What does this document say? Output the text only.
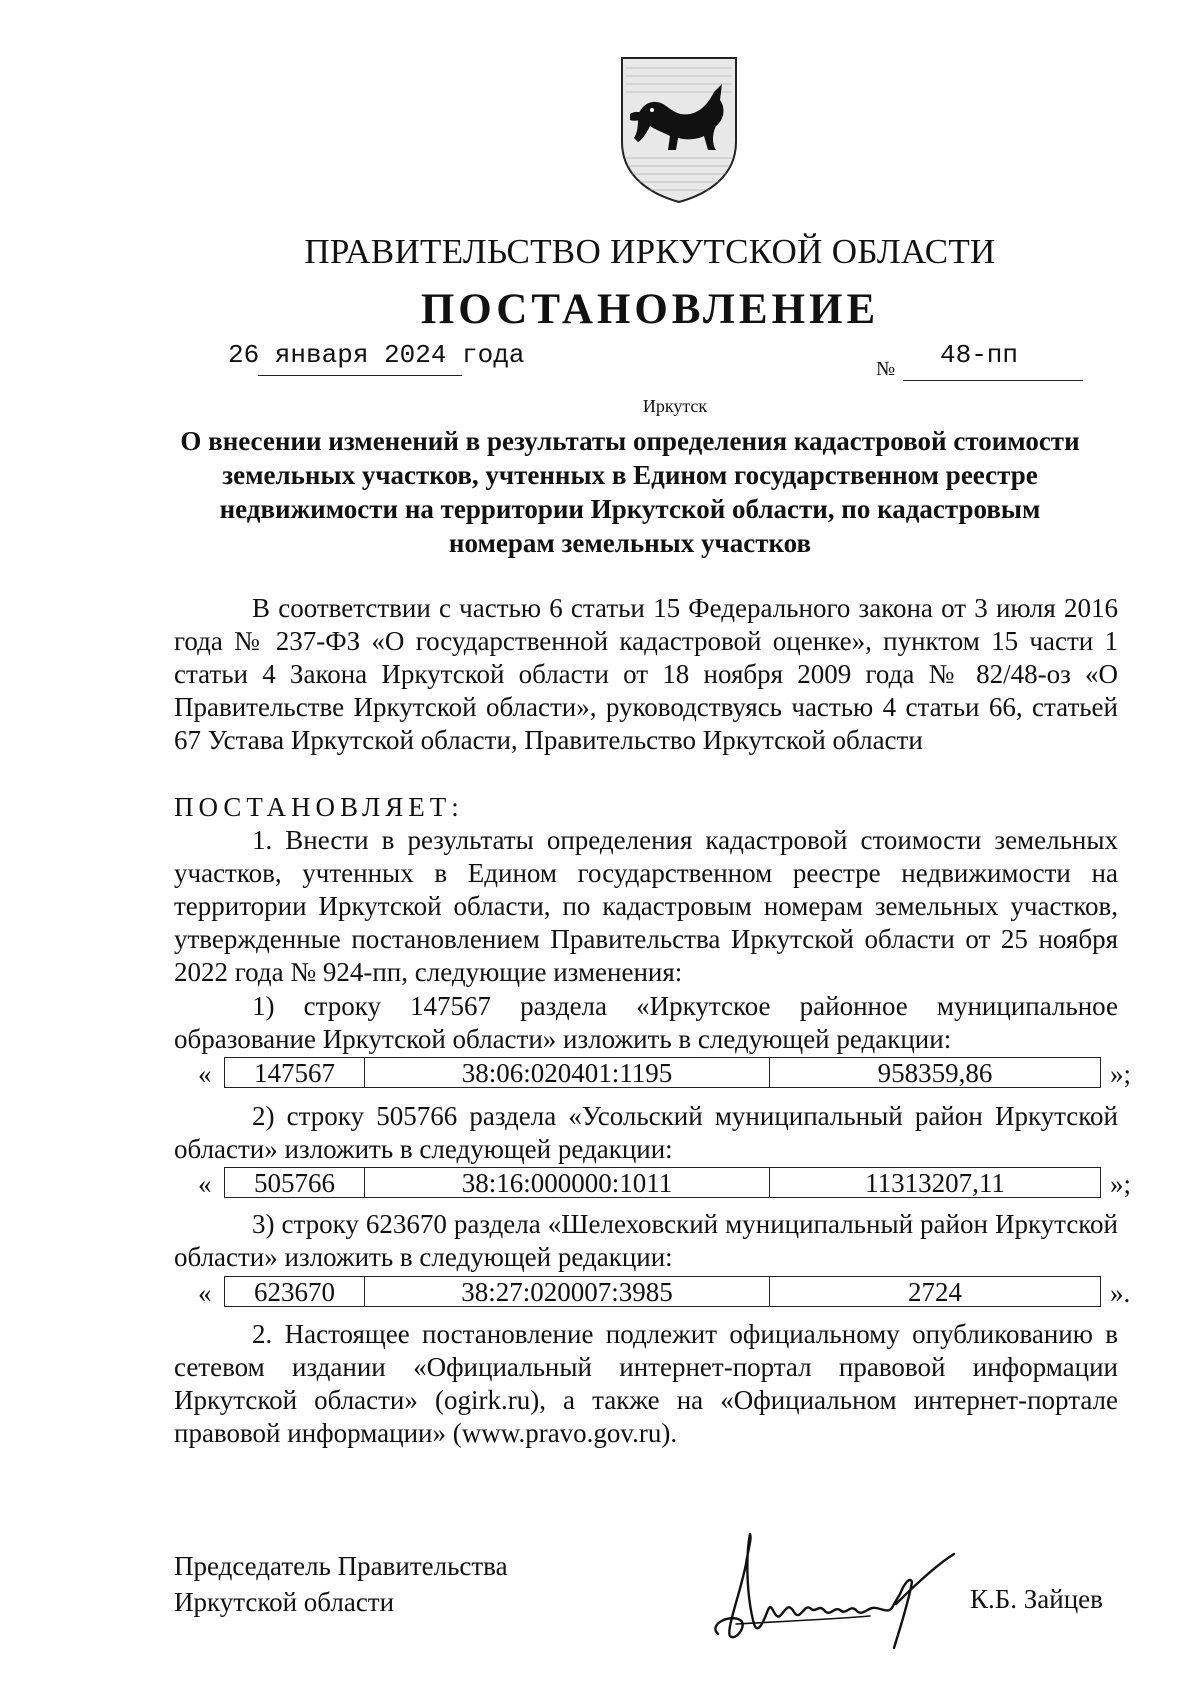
ПРАВИТЕЛЬСТВО ИРКУТСКОЙ ОБЛАСТИ
ПОСТАНОВЛЕНИЕ
26 января 2024 года	№ 48-пп
Иркутск
О внесении изменений в результаты определения кадастровой стоимости земельных участков, учтенных в Едином государственном реестре недвижимости на территории Иркутской области, по кадастровым номерам земельных участков
В соответствии с частью 6 статьи 15 Федерального закона от 3 июля 2016 года № 237-ФЗ «О государственной кадастровой оценке», пунктом 15 части 1 статьи 4 Закона Иркутской области от 18 ноября 2009 года № 82/48-оз «О Правительстве Иркутской области», руководствуясь частью 4 статьи 66, статьей 67 Устава Иркутской области, Правительство Иркутской области
ПОСТАНОВЛЯЕТ:
1. Внести в результаты определения кадастровой стоимости земельных участков, учтенных в Едином государственном реестре недвижимости на территории Иркутской области, по кадастровым номерам земельных участков, утвержденные постановлением Правительства Иркутской области от 25 ноября 2022 года № 924-пп, следующие изменения:
1) строку 147567 раздела «Иркутское районное муниципальное образование Иркутской области» изложить в следующей редакции:
« 147567	38:06:020401:1195	958359,86	»;
2) строку 505766 раздела «Усольский муниципальный район Иркутской области» изложить в следующей редакции:
« 505766	38:16:000000:1011	11313207,11	»;
3) строку 623670 раздела «Шелеховский муниципальный район Иркутской области» изложить в следующей редакции:
« 623670	38:27:020007:3985	2724	».
2. Настоящее постановление подлежит официальному опубликованию в сетевом издании «Официальный интернет-портал правовой информации Иркутской области» (ogirk.ru), а также на «Официальном интернет-портале правовой информации» (www.pravo.gov.ru).
Председатель Правительства
Иркутской области	К.Б. Зайцев
